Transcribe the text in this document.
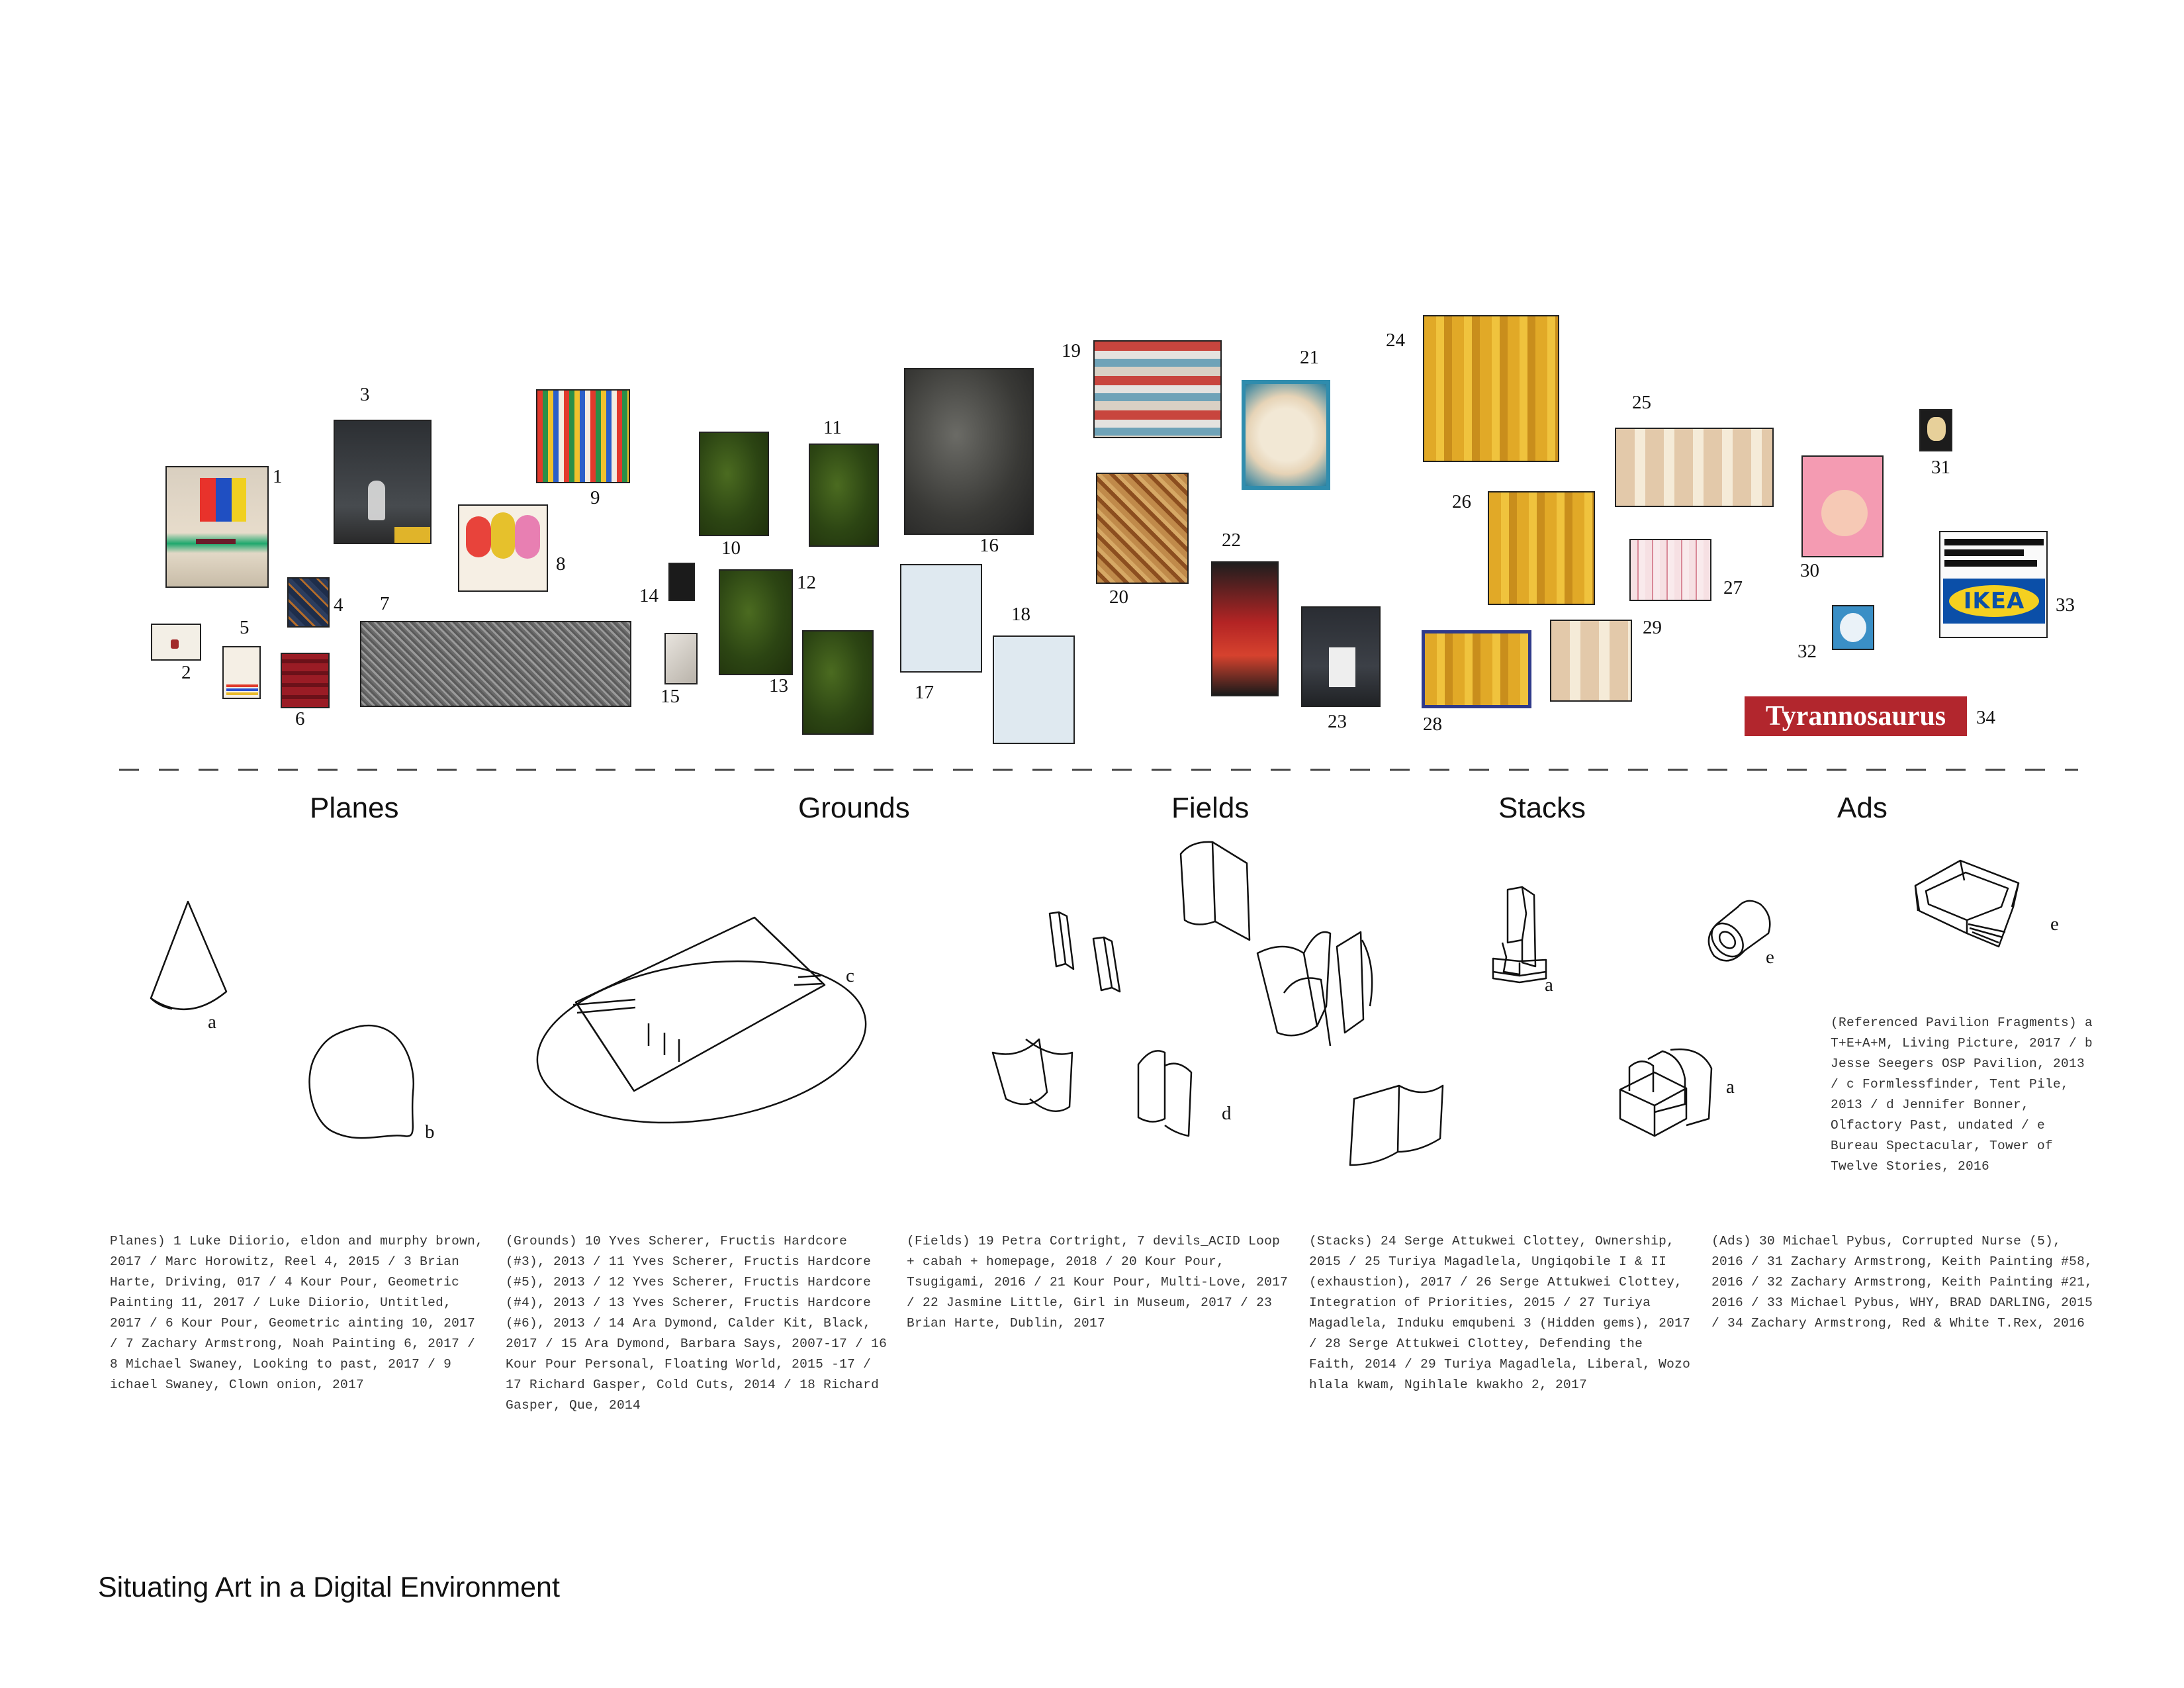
IKEA
Tyrannosaurus
1
2
3
4
5
6
7
8
9
10
11
12
13
14
15
16
17
18
19
20
21
22
23
24
25
26
27
28
29
30
31
32
33
34
Planes	Grounds	Fields	Stacks	Ads
a
b
c
d
a
a
e
e
(Referenced Pavilion Fragments) a T+E+A+M, Living Picture, 2017 / b Jesse Seegers OSP Pavilion, 2013 / c Formlessfinder, Tent Pile, 2013 / d Jennifer Bonner, Olfactory Past, undated / e Bureau Spectacular, Tower of Twelve Stories, 2016
Planes) 1 Luke Diiorio, eldon and murphy brown, 2017 / Marc Horowitz, Reel 4, 2015 / 3 Brian Harte, Driving, 017 / 4 Kour Pour, Geometric Painting 11, 2017 / Luke Diiorio, Untitled, 2017 / 6 Kour Pour, Geometric ainting 10, 2017 / 7 Zachary Armstrong, Noah Painting 6, 2017 / 8 Michael Swaney, Looking to past, 2017 / 9 ichael Swaney, Clown onion, 2017
(Grounds) 10 Yves Scherer, Fructis Hardcore (#3), 2013 / 11 Yves Scherer, Fructis Hardcore (#5), 2013 / 12 Yves Scherer, Fructis Hardcore (#4), 2013 / 13 Yves Scherer, Fructis Hardcore (#6), 2013 / 14 Ara Dymond, Calder Kit, Black, 2017 / 15 Ara Dymond, Barbara Says, 2007-17 / 16 Kour Pour Personal, Floating World, 2015 -17 / 17 Richard Gasper, Cold Cuts, 2014 / 18 Richard Gasper, Que, 2014
(Fields) 19 Petra Cortright, 7 devils_ACID Loop + cabah + homepage, 2018 / 20 Kour Pour, Tsugigami, 2016 / 21 Kour Pour, Multi-Love, 2017 / 22 Jasmine Little, Girl in Museum, 2017 / 23 Brian Harte, Dublin, 2017
(Stacks) 24 Serge Attukwei Clottey, Ownership, 2015 / 25 Turiya Magadlela, Ungiqobile I & II (exhaustion), 2017 / 26 Serge Attukwei Clottey, Integration of Priorities, 2015 / 27 Turiya Magadlela, Induku emqubeni 3 (Hidden gems), 2017 / 28 Serge Attukwei Clottey, Defending the Faith, 2014 / 29 Turiya Magadlela, Liberal, Wozo hlala kwam, Ngihlale kwakho 2, 2017
(Ads) 30 Michael Pybus, Corrupted Nurse (5), 2016 / 31 Zachary Armstrong, Keith Painting #58, 2016 / 32 Zachary Armstrong, Keith Painting #21, 2016 / 33 Michael Pybus, WHY, BRAD DARLING, 2015 / 34 Zachary Armstrong, Red & White T.Rex, 2016
Situating Art in a Digital Environment
